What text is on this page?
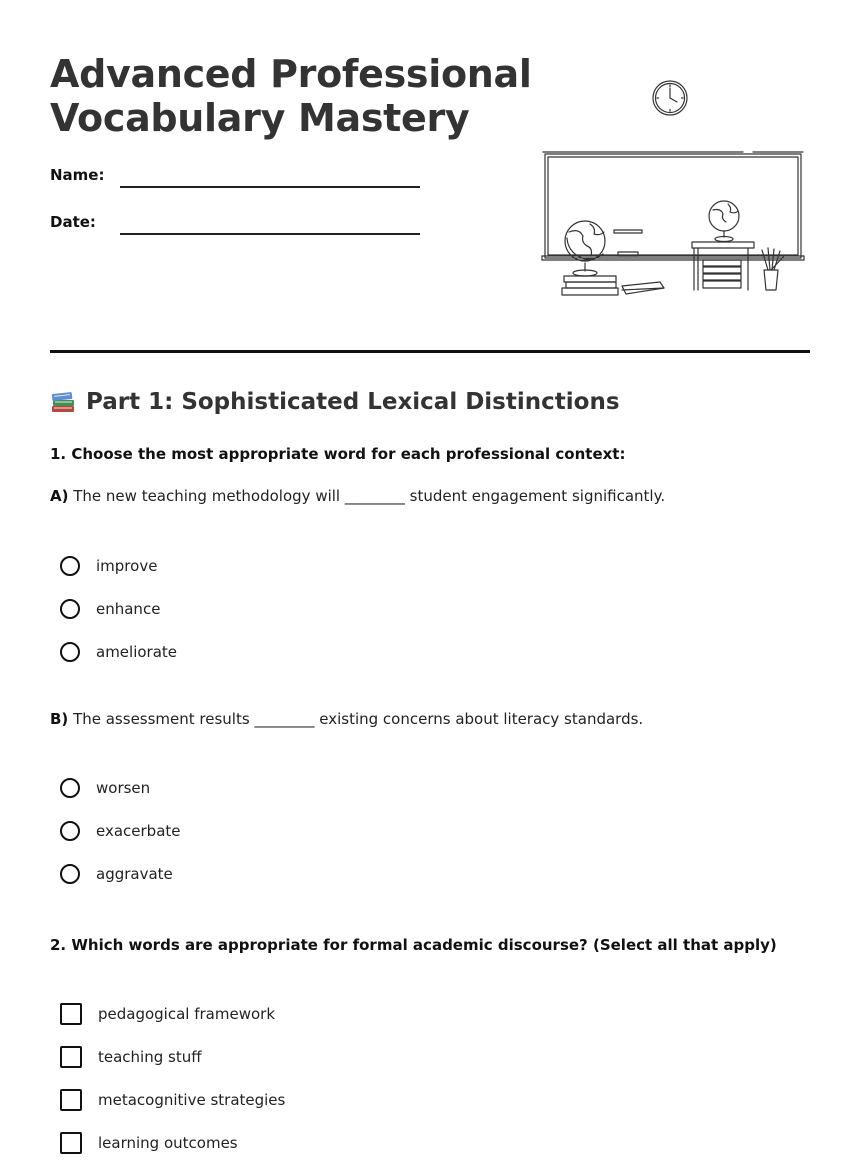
Advanced Professional
Vocabulary Mastery
Name:
Date:
Part 1: Sophisticated Lexical Distinctions
1. Choose the most appropriate word for each professional context:
A) The new teaching methodology will ________ student engagement significantly.
improve
enhance
ameliorate
B) The assessment results ________ existing concerns about literacy standards.
worsen
exacerbate
aggravate
2. Which words are appropriate for formal academic discourse? (Select all that apply)
pedagogical framework
teaching stuff
metacognitive strategies
learning outcomes
